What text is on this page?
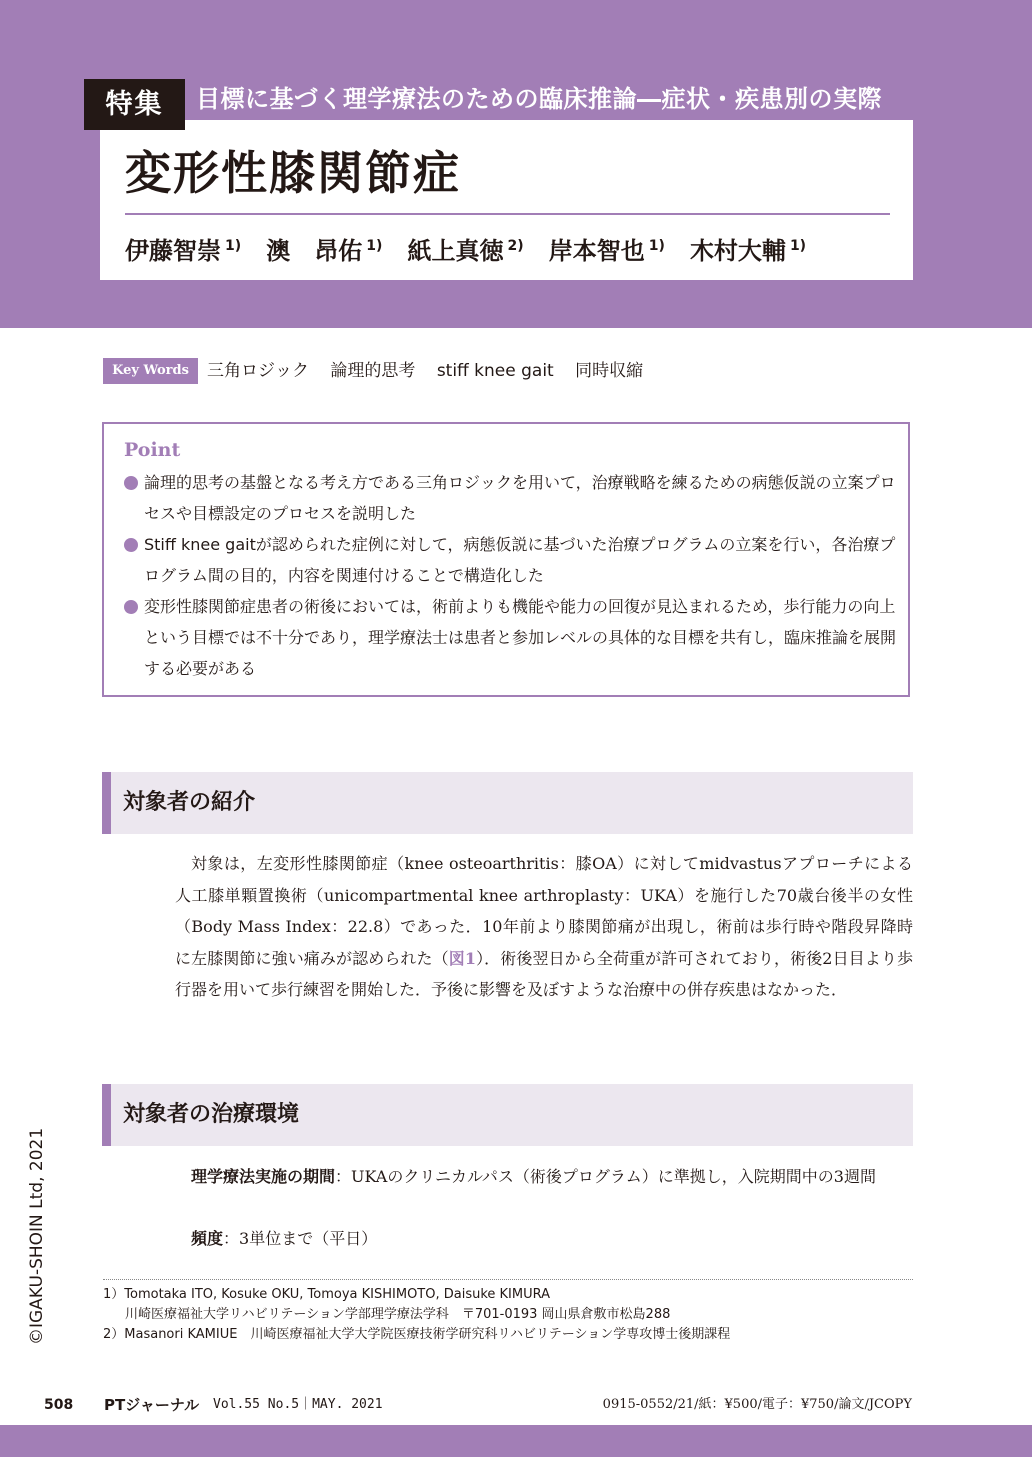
特集	目標に基づく理学療法のための臨床推論―症状・疾患別の実際
変形性膝関節症
伊藤智崇 $^{1)}$ 澳　昂佑 $^{1)}$ 紙上真徳 $^{2)}$ 岸本智也 $^{1)}$ 木村大輔 $^{1)}$
Key Words	三角ロジック 論理的思考 stiff knee gait 同時収縮
Point
論理的思考の基盤となる考え方である三角ロジックを用いて，治療戦略を練るための病態仮説の立案プロセスや目標設定のプロセスを説明した
Stiff knee gaitが認められた症例に対して，病態仮説に基づいた治療プログラムの立案を行い，各治療プログラム間の目的，内容を関連付けることで構造化した
変形性膝関節症患者の術後においては，術前よりも機能や能力の回復が見込まれるため，歩行能力の向上という目標では不十分であり，理学療法士は患者と参加レベルの具体的な目標を共有し，臨床推論を展開する必要がある
対象者の紹介
対象は，左変形性膝関節症（knee osteoarthritis：膝OA）に対してmidvastusアプローチによる人工膝単顆置換術（unicompartmental knee arthroplasty：UKA）を施行した70歳台後半の女性（Body Mass Index：22.8）であった．10年前より膝関節痛が出現し，術前は歩行時や階段昇降時に左膝関節に強い痛みが認められた（図1）．術後翌日から全荷重が許可されており，術後2日目より歩行器を用いて歩行練習を開始した．予後に影響を及ぼすような治療中の併存疾患はなかった．
対象者の治療環境
理学療法実施の期間：UKAのクリニカルパス（術後プログラム）に準拠し，入院期間中の3週間
頻度：3単位まで（平日）
1）Tomotaka ITO, Kosuke OKU, Tomoya KISHIMOTO, Daisuke KIMURA
川崎医療福祉大学リハビリテーション学部理学療法学科　〒701-0193 岡山県倉敷市松島288
2）Masanori KAMIUE　川崎医療福祉大学大学院医療技術学研究科リハビリテーション学専攻博士後期課程
©IGAKU-SHOIN Ltd, 2021
508 PTジャーナル Vol.55 No.5｜MAY. 2021	0915-0552/21/紙：¥500/電子：¥750/論文/JCOPY
